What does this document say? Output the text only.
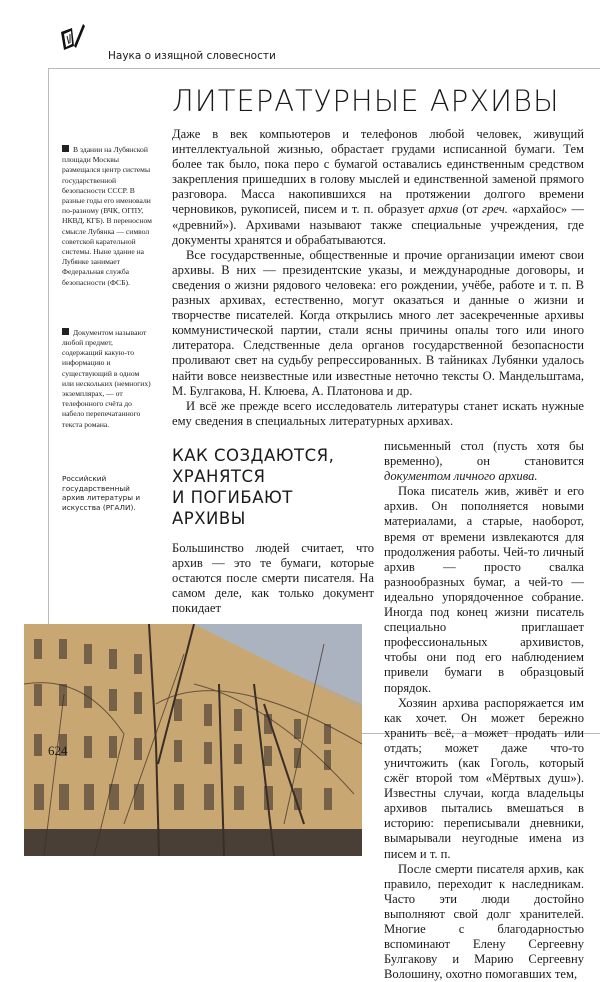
Наука о изящной словесности
ЛИТЕРАТУРНЫЕ АРХИВЫ

Даже в век компьютеров и телефонов любой человек, живущий интеллектуальной жизнью, обрастает грудами исписанной бумаги. Тем более так было, пока перо с бумагой оставались единственным средством закрепления пришедших в голову мыслей и единственной заменой прямого разговора. Масса накопившихся на протяжении долгого времени черновиков, рукописей, писем и т. п. образует архив (от греч. «архайос» — «древний»). Архивами называют также специальные учреждения, где документы хранятся и обрабатываются.

Все государственные, общественные и прочие организации имеют свои архивы. В них — президентские указы, и международные договоры, и сведения о жизни рядового человека: его рождении, учёбе, работе и т. п. В разных архивах, естественно, могут оказаться и данные о жизни и творчестве писателей. Когда открылись много лет засекреченные архивы коммунистической партии, стали ясны причины опалы того или иного литератора. Следственные дела органов государственной безопасности проливают свет на судьбу репрессированных. В тайниках Лубянки удалось найти вовсе неизвестные или известные неточно тексты О. Мандельштама, М. Булгакова, Н. Клюева, А. Платонова и др.

И всё же прежде всего исследователь литературы станет искать нужные ему сведения в специальных литературных архивах.

В здании на Лубянской площади Москвы размещался центр системы государственной безопасности СССР. В разные годы его именовали по-разному (ВЧК, ОГПУ, НКВД, КГБ). В переносном смысле Лубянка — символ советской карательной системы. Ныне здание на Лубянке занимает Федеральная служба безопасности (ФСБ).

Документом называют любой предмет, содержащий какую-то информацию и существующий в одном или нескольких (немногих) экземплярах, — от телефонного счёта до набело перепечатанного текста романа.

Российский государственный архив литературы и искусства (РГАЛИ).
КАК СОЗДАЮТСЯ,
ХРАНЯТСЯ
И ПОГИБАЮТ АРХИВЫ

Большинство людей считает, что архив — это те бумаги, которые остаются после смерти писателя. На самом деле, как только документ покидает

письменный стол (пусть хотя бы временно), он становится документом личного архива.

Пока писатель жив, живёт и его архив. Он пополняется новыми материалами, а старые, наоборот, время от времени извлекаются для продолжения работы. Чей-то личный архив — просто свалка разнообразных бумаг, а чей-то — идеально упорядоченное собрание. Иногда под конец жизни писатель специально приглашает профессиональных архивистов, чтобы они под его наблюдением привели бумаги в образцовый порядок.

Хозяин архива распоряжается им как хочет. Он может бережно хранить всё, а может продать или отдать; может даже что-то уничтожить (как Гоголь, который сжёг второй том «Мёртвых душ»). Известны случаи, когда владельцы архивов пытались вмешаться в историю: переписывали дневники, вымарывали неугодные имена из писем и т. п.

После смерти писателя архив, как правило, переходит к наследникам. Часто эти люди достойно выполняют свой долг хранителей. Многие с благодарностью вспоминают Елену Сергеевну Булгакову и Марию Сергеевну Волошину, охотно помогавших тем,

624
